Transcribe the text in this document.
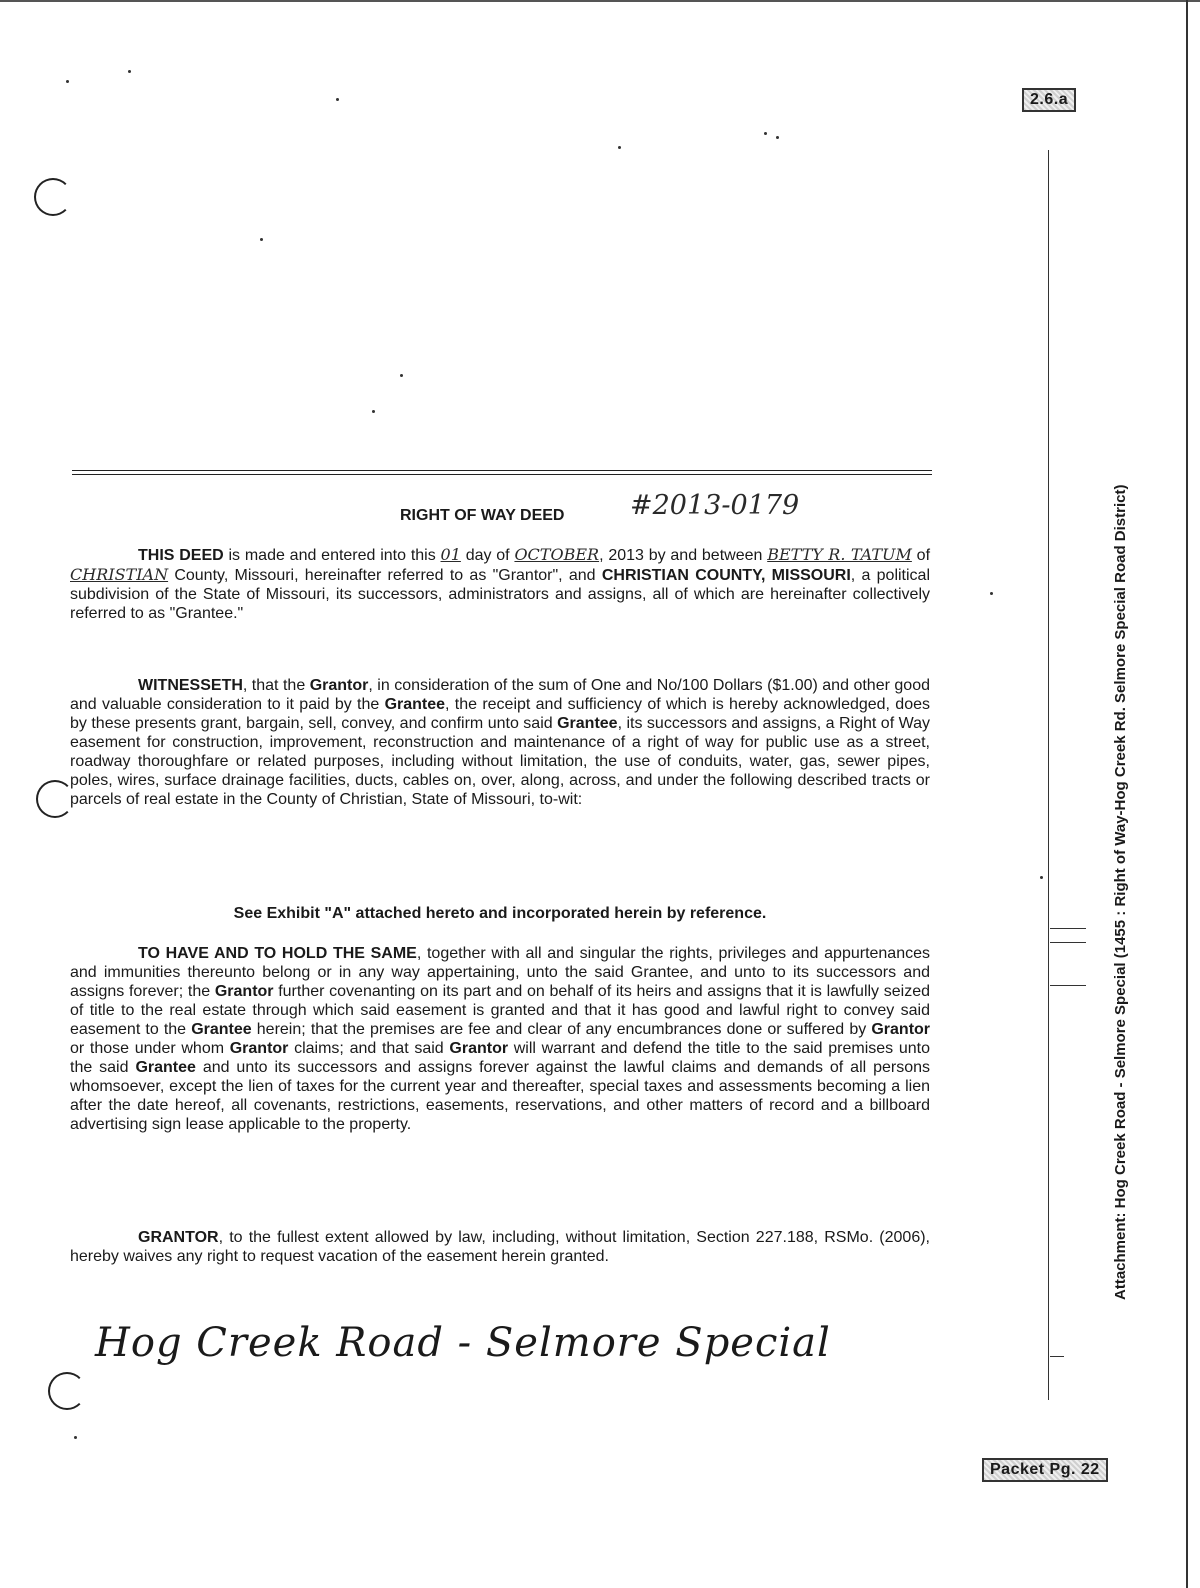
2.6.a
Attachment: Hog Creek Road - Selmore Special (1455 : Right of Way-Hog Creek Rd. Selmore Special Road District)
RIGHT OF WAY DEED #2013-0179
THIS DEED is made and entered into this 01 day of OCTOBER, 2013 by and between BETTY R. TATUM of CHRISTIAN County, Missouri, hereinafter referred to as "Grantor", and CHRISTIAN COUNTY, MISSOURI, a political subdivision of the State of Missouri, its successors, administrators and assigns, all of which are hereinafter collectively referred to as "Grantee."
WITNESSETH, that the Grantor, in consideration of the sum of One and No/100 Dollars ($1.00) and other good and valuable consideration to it paid by the Grantee, the receipt and sufficiency of which is hereby acknowledged, does by these presents grant, bargain, sell, convey, and confirm unto said Grantee, its successors and assigns, a Right of Way easement for construction, improvement, reconstruction and maintenance of a right of way for public use as a street, roadway thoroughfare or related purposes, including without limitation, the use of conduits, water, gas, sewer pipes, poles, wires, surface drainage facilities, ducts, cables on, over, along, across, and under the following described tracts or parcels of real estate in the County of Christian, State of Missouri, to-wit:
See Exhibit "A" attached hereto and incorporated herein by reference.
TO HAVE AND TO HOLD THE SAME, together with all and singular the rights, privileges and appurtenances and immunities thereunto belong or in any way appertaining, unto the said Grantee, and unto to its successors and assigns forever; the Grantor further covenanting on its part and on behalf of its heirs and assigns that it is lawfully seized of title to the real estate through which said easement is granted and that it has good and lawful right to convey said easement to the Grantee herein; that the premises are fee and clear of any encumbrances done or suffered by Grantor or those under whom Grantor claims; and that said Grantor will warrant and defend the title to the said premises unto the said Grantee and unto its successors and assigns forever against the lawful claims and demands of all persons whomsoever, except the lien of taxes for the current year and thereafter, special taxes and assessments becoming a lien after the date hereof, all covenants, restrictions, easements, reservations, and other matters of record and a billboard advertising sign lease applicable to the property.
GRANTOR, to the fullest extent allowed by law, including, without limitation, Section 227.188, RSMo. (2006), hereby waives any right to request vacation of the easement herein granted.
Hog Creek Road - Selmore Special
Packet Pg. 22
